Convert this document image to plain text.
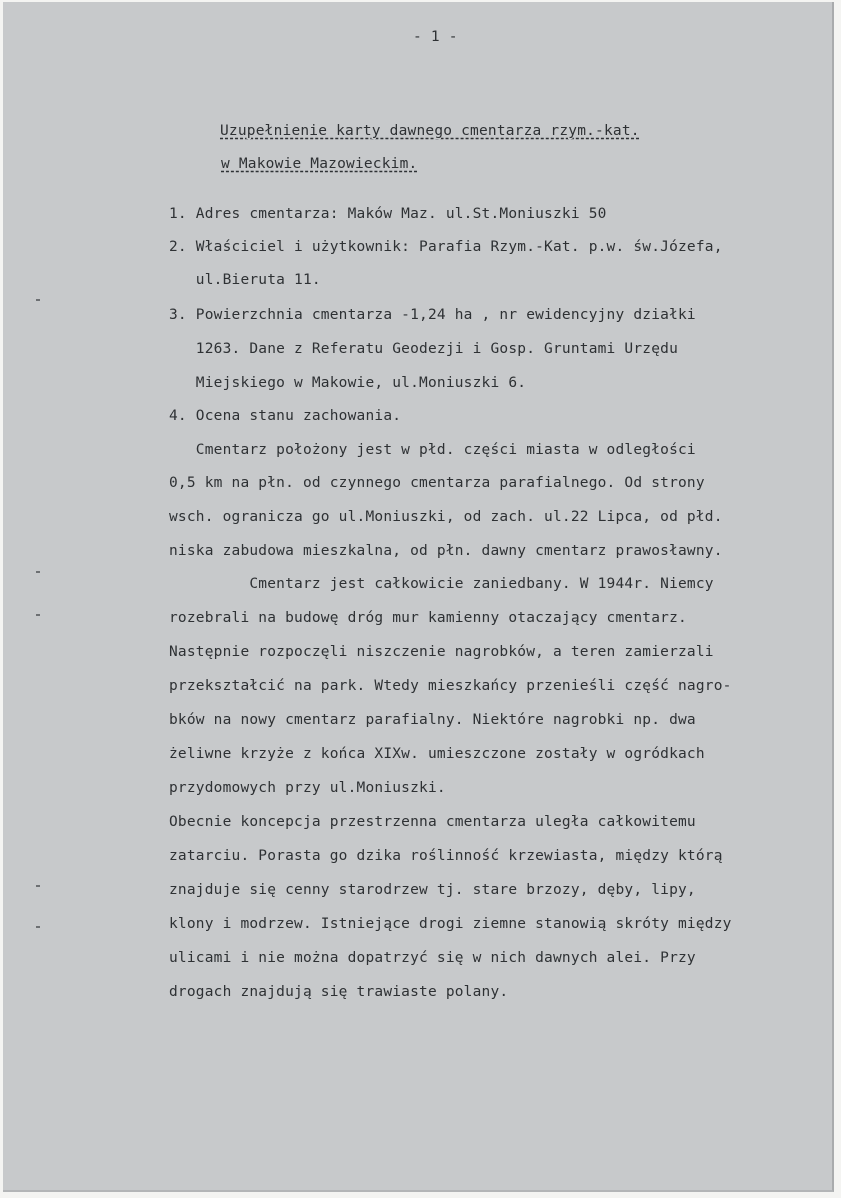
- 1 -

Uzupełnienie karty dawnego cmentarza rzym.-kat.

w Makowie Mazowieckim.

1. Adres cmentarza: Maków Maz. ul.St.Moniuszki 50

2. Właściciel i użytkownik: Parafia Rzym.-Kat. p.w. św.Józefa,

ul.Bieruta 11.

3. Powierzchnia cmentarza -1,24 ha , nr ewidencyjny działki

1263. Dane z Referatu Geodezji i Gosp. Gruntami Urzędu

Miejskiego w Makowie, ul.Moniuszki 6.

4. Ocena stanu zachowania.

Cmentarz położony jest w płd. części miasta w odległości

0,5 km na płn. od czynnego cmentarza parafialnego. Od strony

wsch. ogranicza go ul.Moniuszki, od zach. ul.22 Lipca, od płd.

niska zabudowa mieszkalna, od płn. dawny cmentarz prawosławny.

Cmentarz jest całkowicie zaniedbany. W 1944r. Niemcy

rozebrali na budowę dróg mur kamienny otaczający cmentarz.

Następnie rozpoczęli niszczenie nagrobków, a teren zamierzali

przekształcić na park. Wtedy mieszkańcy przenieśli część nagro-

bków na nowy cmentarz parafialny. Niektóre nagrobki np. dwa

żeliwne krzyże z końca XIXw. umieszczone zostały w ogródkach

przydomowych przy ul.Moniuszki.

Obecnie koncepcja przestrzenna cmentarza uległa całkowitemu

zatarciu. Porasta go dzika roślinność krzewiasta, między którą

znajduje się cenny starodrzew tj. stare brzozy, dęby, lipy,

klony i modrzew. Istniejące drogi ziemne stanowią skróty między

ulicami i nie można dopatrzyć się w nich dawnych alei. Przy

drogach znajdują się trawiaste polany.
